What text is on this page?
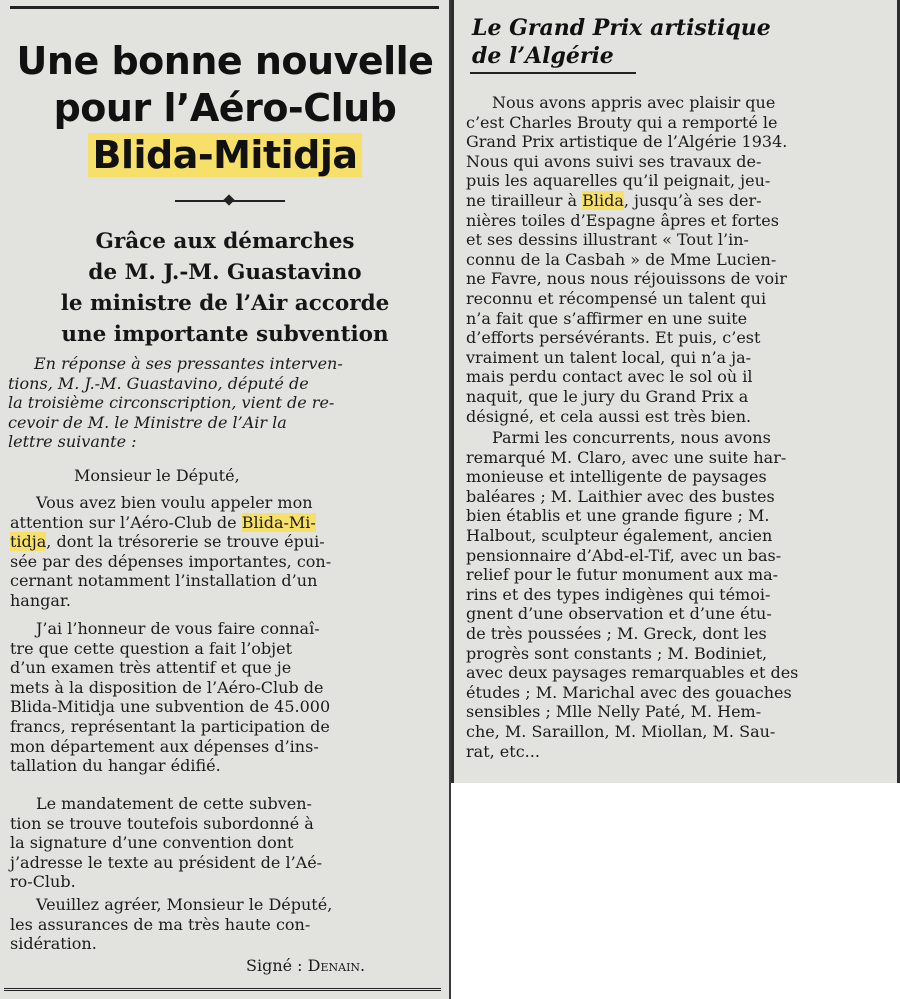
Une bonne nouvelle
pour l’Aéro-Club
Blida-Mitidja
Grâce aux démarches
de M. J.-M. Guastavino
le ministre de l’Air accorde
une importante subvention
En réponse à ses pressantes interven-
tions, M. J.-M. Guastavino, député de
la troisième circonscription, vient de re-
cevoir de M. le Ministre de l’Air la
lettre suivante :
Monsieur le Député,
Vous avez bien voulu appeler mon
attention sur l’Aéro-Club de Blida-Mi-
tidja, dont la trésorerie se trouve épui-
sée par des dépenses importantes, con-
cernant notamment l’installation d’un
hangar.
J’ai l’honneur de vous faire connaî-
tre que cette question a fait l’objet
d’un examen très attentif et que je
mets à la disposition de l’Aéro-Club de
Blida-Mitidja une subvention de 45.000
francs, représentant la participation de
mon département aux dépenses d’ins-
tallation du hangar édifié.
Le mandatement de cette subven-
tion se trouve toutefois subordonné à
la signature d’une convention dont
j’adresse le texte au président de l’Aé-
ro-Club.
Veuillez agréer, Monsieur le Député,
les assurances de ma très haute con-
sidération.
Signé : Denain.
Le Grand Prix artistique
de l’Algérie
Nous avons appris avec plaisir que
c’est Charles Brouty qui a remporté le
Grand Prix artistique de l’Algérie 1934.
Nous qui avons suivi ses travaux de-
puis les aquarelles qu’il peignait, jeu-
ne tirailleur à Blida, jusqu’à ses der-
nières toiles d’Espagne âpres et fortes
et ses dessins illustrant « Tout l’in-
connu de la Casbah » de Mme Lucien-
ne Favre, nous nous réjouissons de voir
reconnu et récompensé un talent qui
n’a fait que s’affirmer en une suite
d’efforts persévérants. Et puis, c’est
vraiment un talent local, qui n’a ja-
mais perdu contact avec le sol où il
naquit, que le jury du Grand Prix a
désigné, et cela aussi est très bien.
Parmi les concurrents, nous avons
remarqué M. Claro, avec une suite har-
monieuse et intelligente de paysages
baléares ; M. Laithier avec des bustes
bien établis et une grande figure ; M.
Halbout, sculpteur également, ancien
pensionnaire d’Abd-el-Tif, avec un bas-
relief pour le futur monument aux ma-
rins et des types indigènes qui témoi-
gnent d’une observation et d’une étu-
de très poussées ; M. Greck, dont les
progrès sont constants ; M. Bodiniet,
avec deux paysages remarquables et des
études ; M. Marichal avec des gouaches
sensibles ; Mlle Nelly Paté, M. Hem-
che, M. Saraillon, M. Miollan, M. Sau-
rat, etc...
